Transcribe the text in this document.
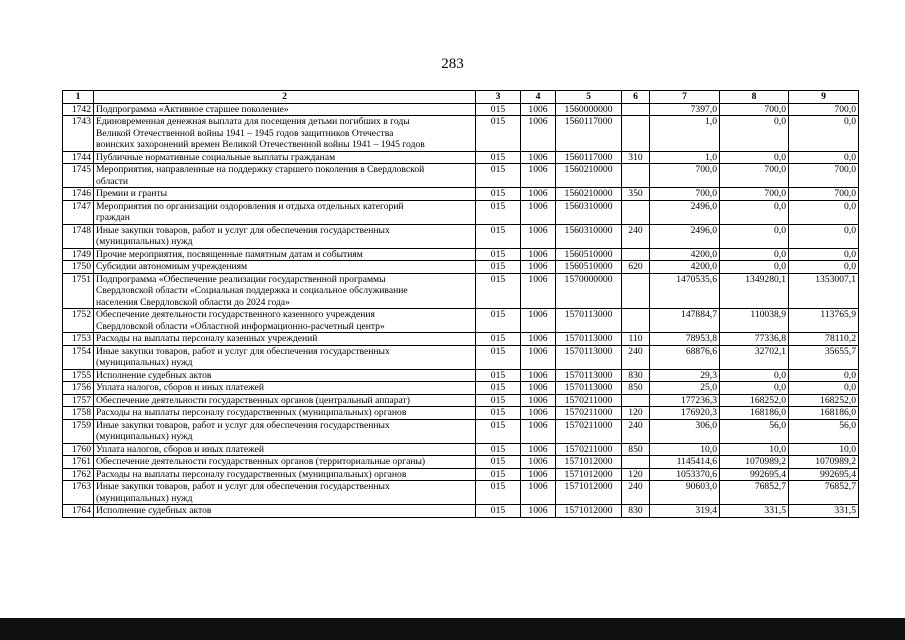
283
1	2	3	4	5	6	7	8	9
1742	Подпрограмма «Активное старшее поколение»	015	1006	1560000000		7397,0	700,0	700,0
1743	Единовременная денежная выплата для посещения детьми погибших в годы
Великой Отечественной войны 1941 – 1945 годов защитников Отечества
воинских захоронений времен Великой Отечественной войны 1941 – 1945 годов	015	1006	1560117000		1,0	0,0	0,0
1744	Публичные нормативные социальные выплаты гражданам	015	1006	1560117000	310	1,0	0,0	0,0
1745	Мероприятия, направленные на поддержку старшего поколения в Свердловской
области	015	1006	1560210000		700,0	700,0	700,0
1746	Премии и гранты	015	1006	1560210000	350	700,0	700,0	700,0
1747	Мероприятия по организации оздоровления и отдыха отдельных категорий
граждан	015	1006	1560310000		2496,0	0,0	0,0
1748	Иные закупки товаров, работ и услуг для обеспечения государственных
(муниципальных) нужд	015	1006	1560310000	240	2496,0	0,0	0,0
1749	Прочие мероприятия, посвященные памятным датам и событиям	015	1006	1560510000		4200,0	0,0	0,0
1750	Субсидии автономным учреждениям	015	1006	1560510000	620	4200,0	0,0	0,0
1751	Подпрограмма «Обеспечение реализации государственной программы
Свердловской области «Социальная поддержка и социальное обслуживание
населения Свердловской области до 2024 года»	015	1006	1570000000		1470535,6	1349280,1	1353007,1
1752	Обеспечение деятельности государственного казенного учреждения
Свердловской области «Областной информационно-расчетный центр»	015	1006	1570113000		147884,7	110038,9	113765,9
1753	Расходы на выплаты персоналу казенных учреждений	015	1006	1570113000	110	78953,8	77336,8	78110,2
1754	Иные закупки товаров, работ и услуг для обеспечения государственных
(муниципальных) нужд	015	1006	1570113000	240	68876,6	32702,1	35655,7
1755	Исполнение судебных актов	015	1006	1570113000	830	29,3	0,0	0,0
1756	Уплата налогов, сборов и иных платежей	015	1006	1570113000	850	25,0	0,0	0,0
1757	Обеспечение деятельности государственных органов (центральный аппарат)	015	1006	1570211000		177236,3	168252,0	168252,0
1758	Расходы на выплаты персоналу государственных (муниципальных) органов	015	1006	1570211000	120	176920,3	168186,0	168186,0
1759	Иные закупки товаров, работ и услуг для обеспечения государственных
(муниципальных) нужд	015	1006	1570211000	240	306,0	56,0	56,0
1760	Уплата налогов, сборов и иных платежей	015	1006	1570211000	850	10,0	10,0	10,0
1761	Обеспечение деятельности государственных органов (территориальные органы)	015	1006	1571012000		1145414,6	1070989,2	1070989,2
1762	Расходы на выплаты персоналу государственных (муниципальных) органов	015	1006	1571012000	120	1053370,6	992695,4	992695,4
1763	Иные закупки товаров, работ и услуг для обеспечения государственных
(муниципальных) нужд	015	1006	1571012000	240	90603,0	76852,7	76852,7
1764	Исполнение судебных актов	015	1006	1571012000	830	319,4	331,5	331,5
